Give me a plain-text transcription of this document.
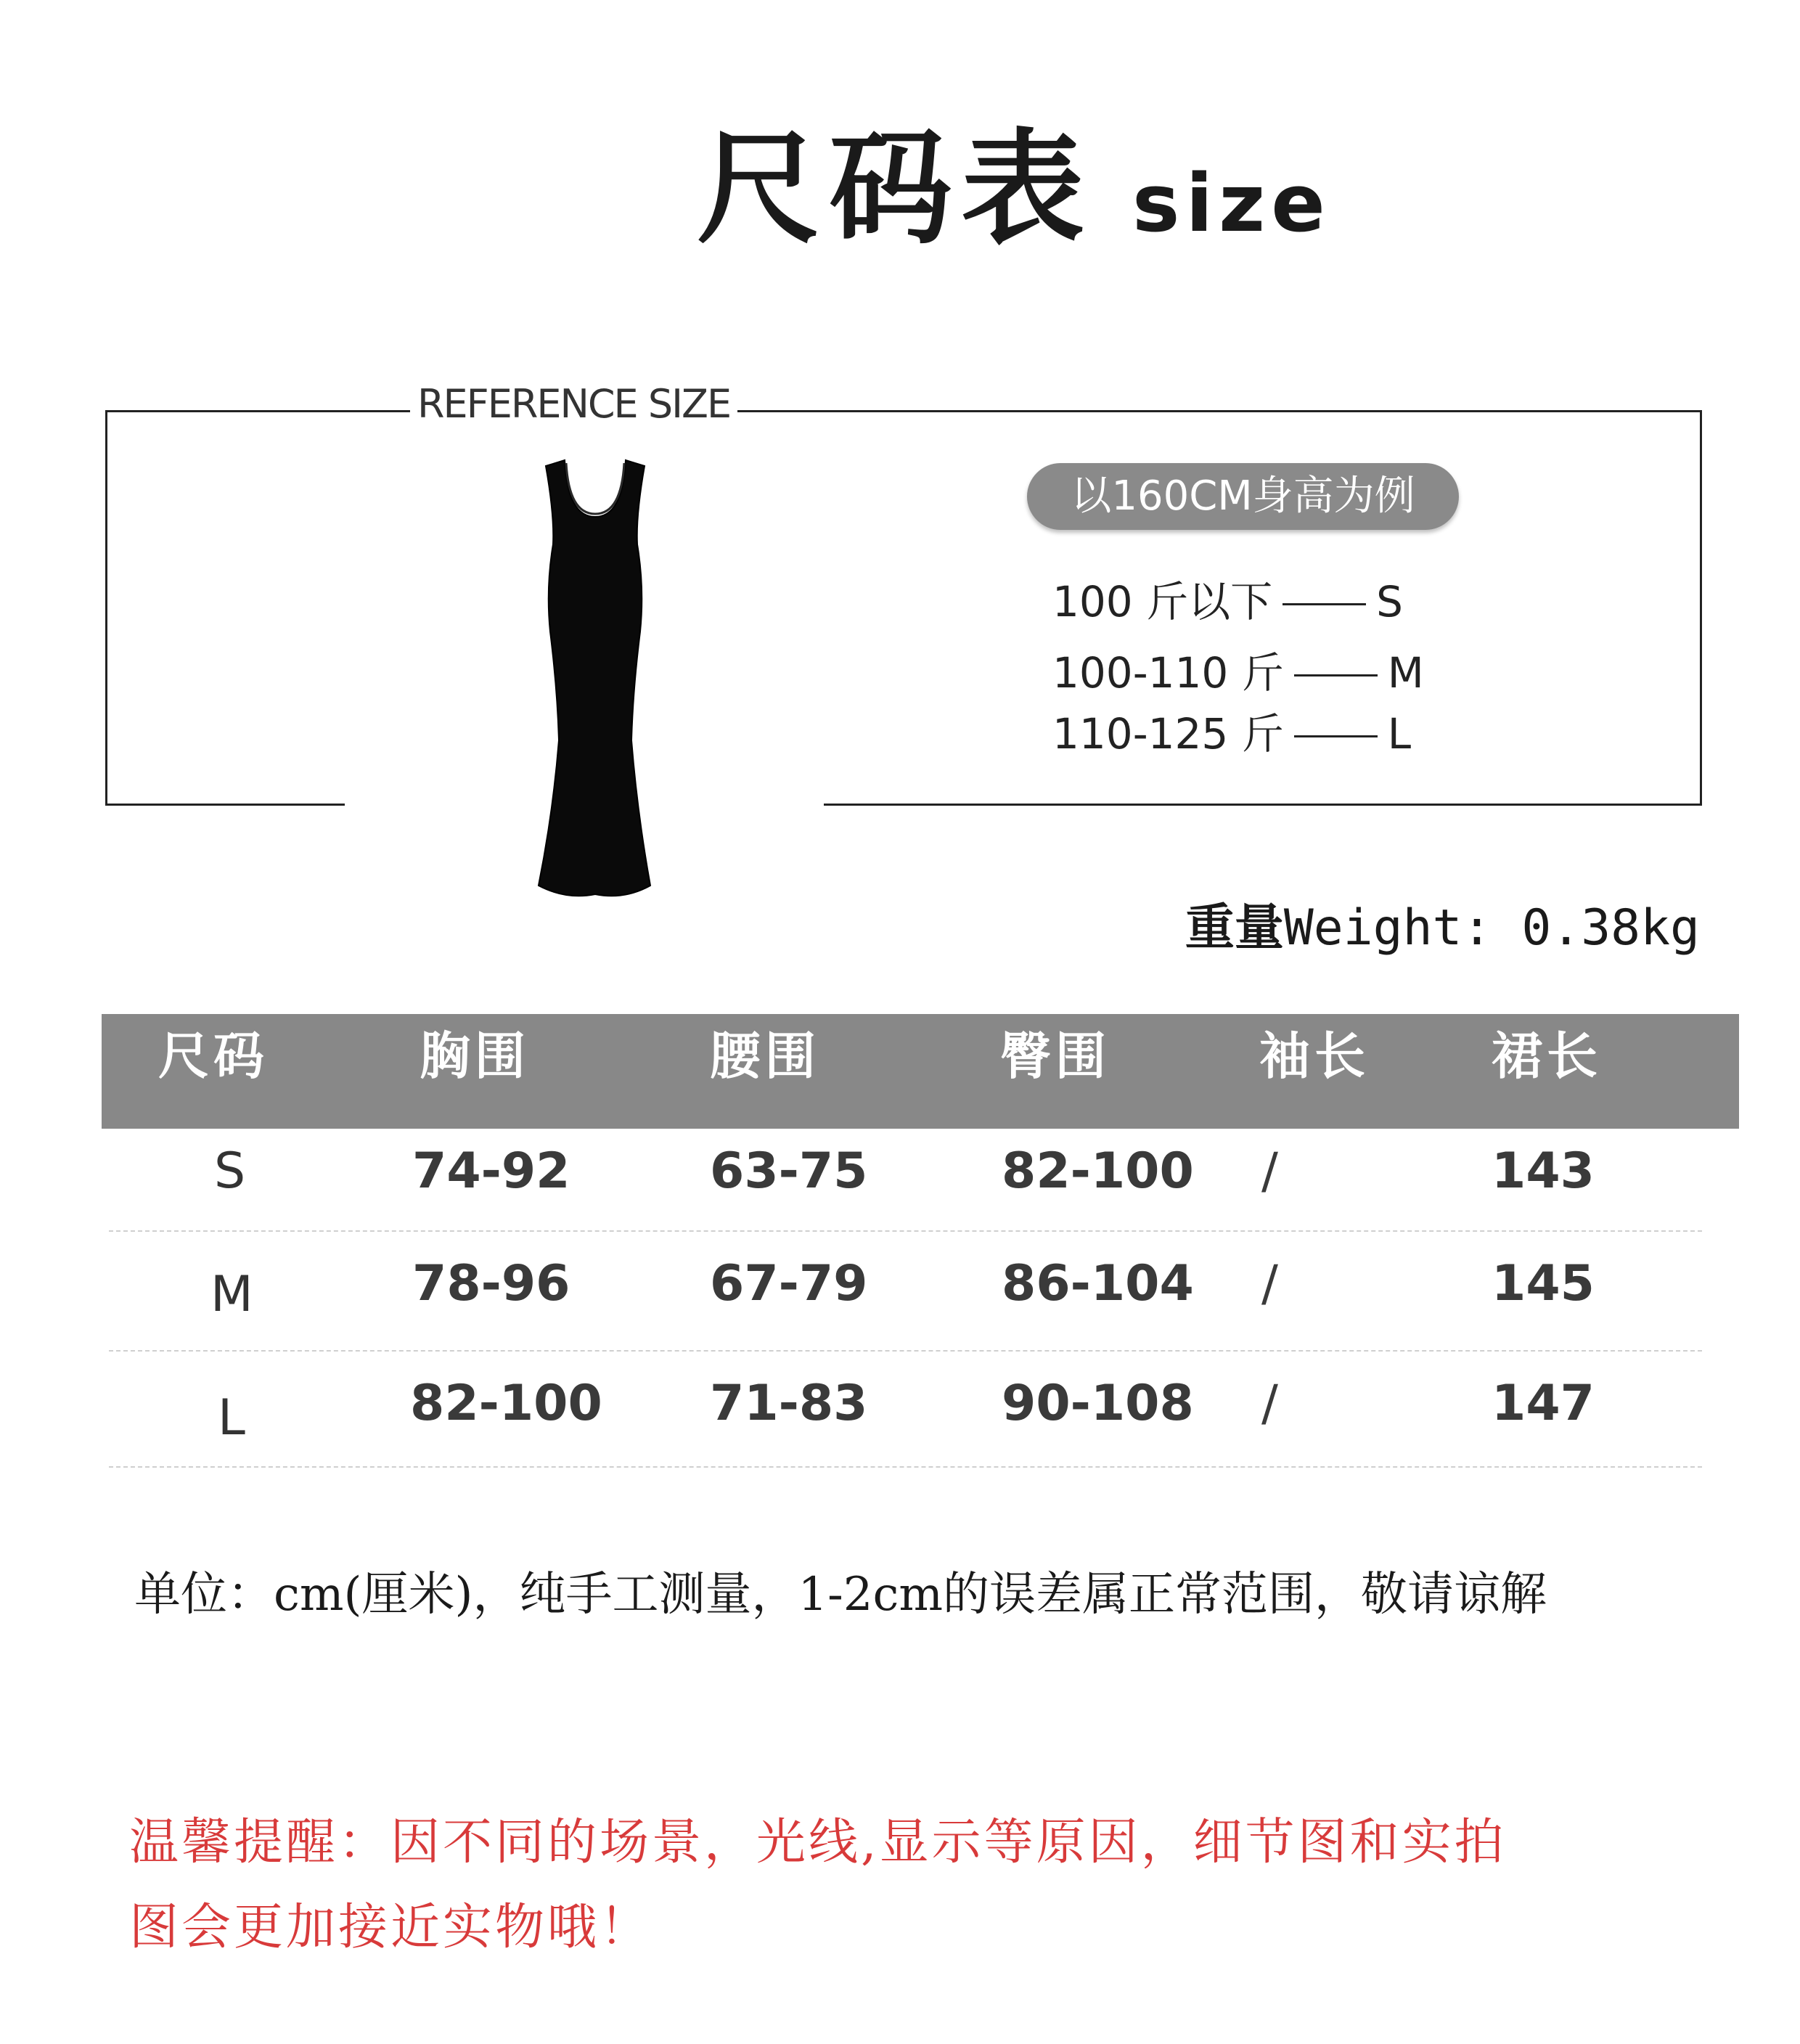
尺码表 size
REFERENCE SIZE
以160CM身高为例
100 斤以下 S
100-110 斤 M
110-125 斤 L
重量Weight: 0.38kg
尺码	胸围	腰围	臀围	袖长 裙长
S	74-92	63-75	82-100 /	143
M	78-96	67-79	86-104 /	145
L	82-100 71-83	90-108 /	147
单位：cm(厘米)，纯手工测量，1-2cm的误差属正常范围，敬请谅解
温馨提醒：因不同的场景，光线,显示等原因，细节图和实拍
图会更加接近实物哦！
